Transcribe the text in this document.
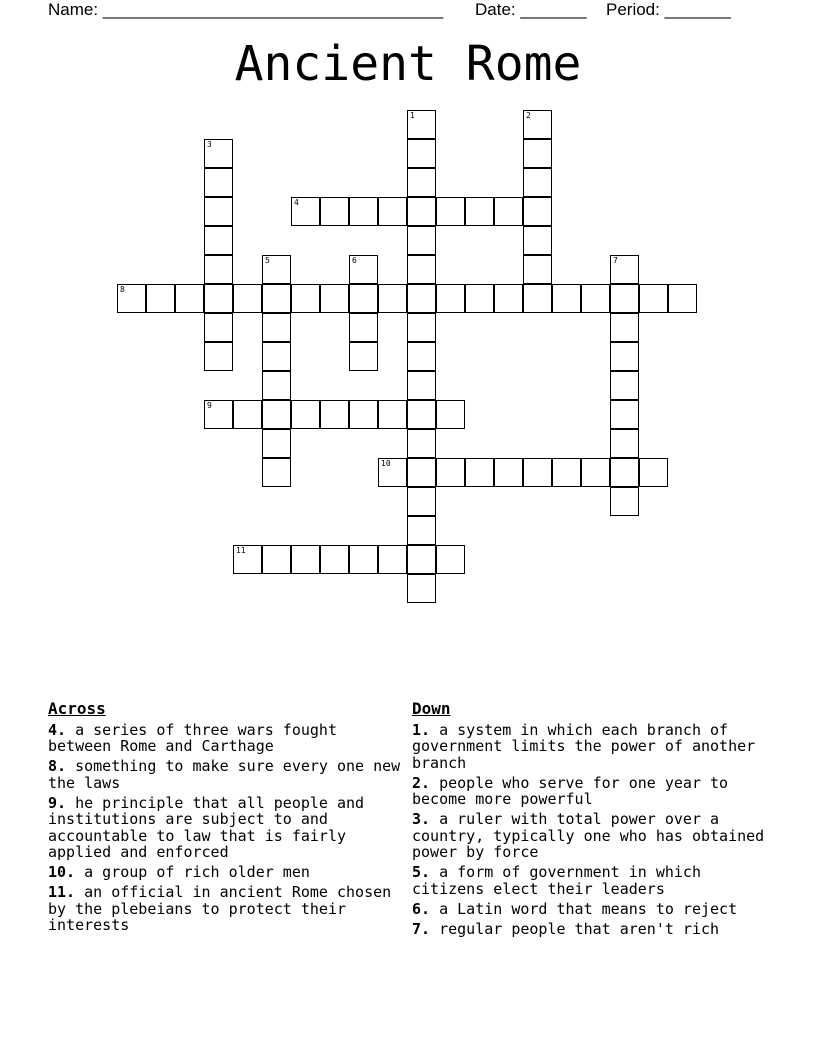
Name: ____________________________________ Date: _______ Period: _______
Ancient Rome
1	2
3
4
5	6	7
8
9
10
11
Across
4. a series of three wars fought between Rome and Carthage
8. something to make sure every one new the laws
9. he principle that all people and institutions are subject to and accountable to law that is fairly applied and enforced
10. a group of rich older men
11. an official in ancient Rome chosen by the plebeians to protect their interests
Down
1. a system in which each branch of government limits the power of another branch
2. people who serve for one year to become more powerful
3. a ruler with total power over a country, typically one who has obtained power by force
5. a form of government in which citizens elect their leaders
6. a Latin word that means to reject
7. regular people that aren't rich
